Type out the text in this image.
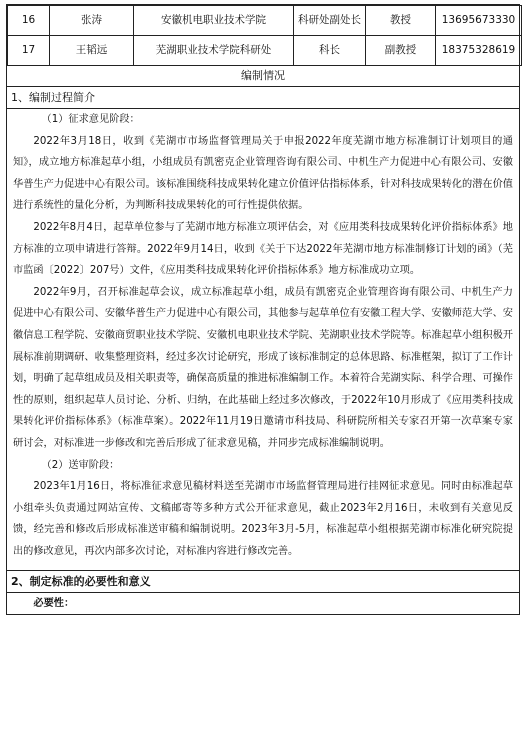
16	张涛	安徽机电职业技术学院	科研处副处长	教授	13695673330
17	王韬远	芜湖职业技术学院科研处	科长	副教授	18375328619
编制情况
1、编制过程简介

（1）征求意见阶段：

2022年3月18日，收到《芜湖市市场监督管理局关于申报2022年度芜湖市地方标准制订计划项目的通知》，成立地方标准起草小组，小组成员有凯密克企业管理咨询有限公司、中机生产力促进中心有限公司、安徽华普生产力促进中心有限公司。该标准围绕科技成果转化建立价值评估指标体系，针对科技成果转化的潜在价值进行系统性的量化分析，为判断科技成果转化的可行性提供依据。

2022年8月4日，起草单位参与了芜湖市地方标准立项评估会，对《应用类科技成果转化评价指标体系》地方标准的立项申请进行答辩。2022年9月14日，收到《关于下达2022年芜湖市地方标准制修订计划的函》（芜市监函〔2022〕207号）文件，《应用类科技成果转化评价指标体系》地方标准成功立项。

2022年9月，召开标准起草会议，成立标准起草小组，成员有凯密克企业管理咨询有限公司、中机生产力促进中心有限公司、安徽华普生产力促进中心有限公司，其他参与起草单位有安徽工程大学、安徽师范大学、安徽信息工程学院、安徽商贸职业技术学院、安徽机电职业技术学院、芜湖职业技术学院等。标准起草小组积极开展标准前期调研、收集整理资料，经过多次讨论研究，形成了该标准制定的总体思路、标准框架，拟订了工作计划，明确了起草组成员及相关职责等，确保高质量的推进标准编制工作。本着符合芜湖实际、科学合理、可操作性的原则，组织起草人员讨论、分析、归纳，在此基础上经过多次修改，于2022年10月形成了《应用类科技成果转化评价指标体系》（标准草案）。2022年11月19日邀请市科技局、科研院所相关专家召开第一次草案专家研讨会，对标准进一步修改和完善后形成了征求意见稿，并同步完成标准编制说明。

（2）送审阶段：

2023年1月16日，将标准征求意见稿材料送至芜湖市市场监督管理局进行挂网征求意见。同时由标准起草小组牵头负责通过网站宣传、文稿邮寄等多种方式公开征求意见，截止2023年2月16日，未收到有关意见反馈，经完善和修改后形成标准送审稿和编制说明。2023年3月-5月，标准起草小组根据芜湖市标准化研究院提出的修改意见，再次内部多次讨论，对标准内容进行修改完善。

2、制定标准的必要性和意义

必要性：
